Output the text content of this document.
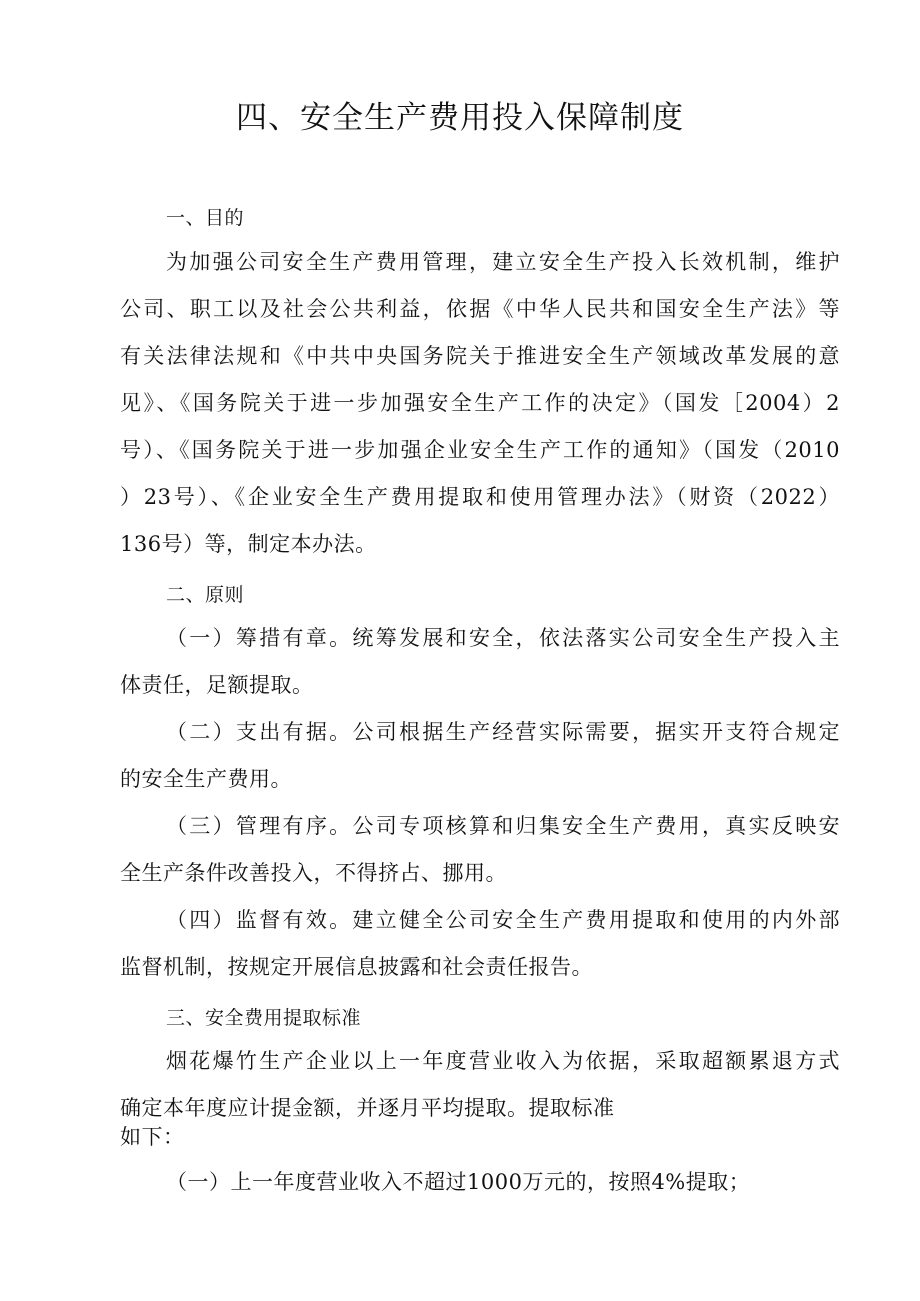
四、安全生产费用投入保障制度
一、目的
为加强公司安全生产费用管理，建立安全生产投入长效机制，维护
公司、职工以及社会公共利益，依据《中华人民共和国安全生产法》等
有关法律法规和《中共中央国务院关于推进安全生产领域改革发展的意
见》、《国务院关于进一步加强安全生产工作的决定》（国发［2004）2
号）、《国务院关于进一步加强企业安全生产工作的通知》（国发（2010
）23号）、《企业安全生产费用提取和使用管理办法》（财资（2022）
136号）等，制定本办法。
二、原则
（一）筹措有章。统筹发展和安全，依法落实公司安全生产投入主
体责任，足额提取。
（二）支出有据。公司根据生产经营实际需要，据实开支符合规定
的安全生产费用。
（三）管理有序。公司专项核算和归集安全生产费用，真实反映安
全生产条件改善投入，不得挤占、挪用。
（四）监督有效。建立健全公司安全生产费用提取和使用的内外部
监督机制，按规定开展信息披露和社会责任报告。
三、安全费用提取标准
烟花爆竹生产企业以上一年度营业收入为依据，采取超额累退方式
确定本年度应计提金额，并逐月平均提取。提取标准
如下：
（一）上一年度营业收入不超过1000万元的，按照4%提取；
